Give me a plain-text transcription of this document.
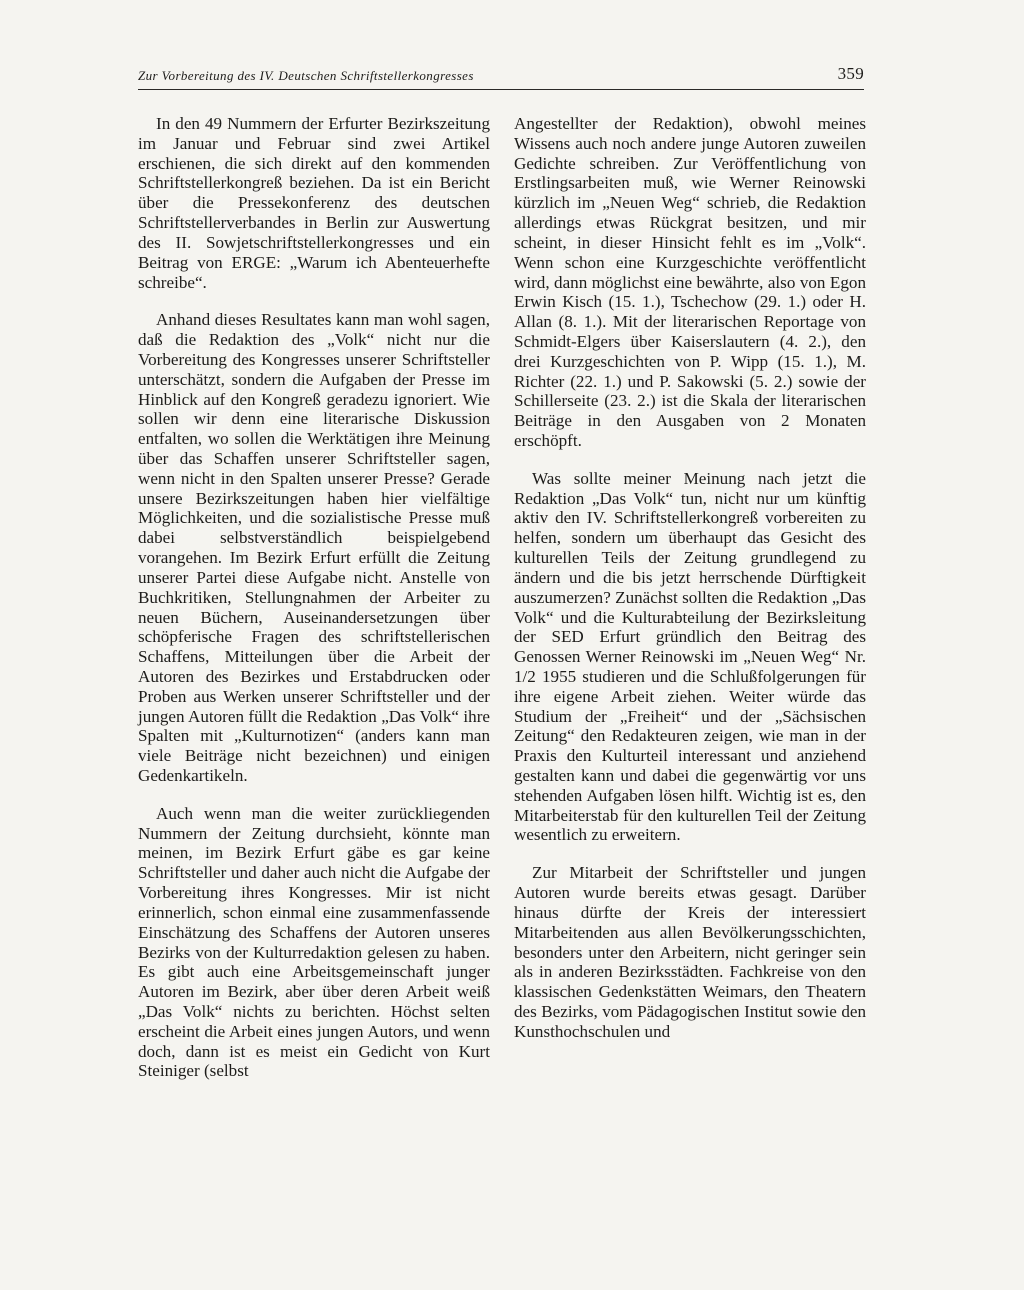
Zur Vorbereitung des IV. Deutschen Schriftstellerkongresses	359

In den 49 Nummern der Erfurter Bezirkszeitung im Januar und Februar sind zwei Artikel erschienen, die sich direkt auf den kommenden Schriftstellerkongreß beziehen. Da ist ein Bericht über die Pressekonferenz des deutschen Schriftstellerverbandes in Berlin zur Auswertung des II. Sowjetschriftstellerkongresses und ein Beitrag von ERGE: „Warum ich Abenteuerhefte schreibe“.

Anhand dieses Resultates kann man wohl sagen, daß die Redaktion des „Volk“ nicht nur die Vorbereitung des Kongresses unserer Schriftsteller unterschätzt, sondern die Aufgaben der Presse im Hinblick auf den Kongreß geradezu ignoriert. Wie sollen wir denn eine literarische Diskussion entfalten, wo sollen die Werktätigen ihre Meinung über das Schaffen unserer Schriftsteller sagen, wenn nicht in den Spalten unserer Presse? Gerade unsere Bezirkszeitungen haben hier vielfältige Möglichkeiten, und die sozialistische Presse muß dabei selbstverständlich beispielgebend vorangehen. Im Bezirk Erfurt erfüllt die Zeitung unserer Partei diese Aufgabe nicht. Anstelle von Buchkritiken, Stellungnahmen der Arbeiter zu neuen Büchern, Auseinandersetzungen über schöpferische Fragen des schriftstellerischen Schaffens, Mitteilungen über die Arbeit der Autoren des Bezirkes und Erstabdrucken oder Proben aus Werken unserer Schriftsteller und der jungen Autoren füllt die Redaktion „Das Volk“ ihre Spalten mit „Kulturnotizen“ (anders kann man viele Beiträge nicht bezeichnen) und einigen Gedenkartikeln.

Auch wenn man die weiter zurückliegenden Nummern der Zeitung durchsieht, könnte man meinen, im Bezirk Erfurt gäbe es gar keine Schriftsteller und daher auch nicht die Aufgabe der Vorbereitung ihres Kongresses. Mir ist nicht erinnerlich, schon einmal eine zusammenfassende Einschätzung des Schaffens der Autoren unseres Bezirks von der Kulturredaktion gelesen zu haben. Es gibt auch eine Arbeitsgemeinschaft junger Autoren im Bezirk, aber über deren Arbeit weiß „Das Volk“ nichts zu berichten. Höchst selten erscheint die Arbeit eines jungen Autors, und wenn doch, dann ist es meist ein Gedicht von Kurt Steiniger (selbst

Angestellter der Redaktion), obwohl meines Wissens auch noch andere junge Autoren zuweilen Gedichte schreiben. Zur Veröffentlichung von Erstlingsarbeiten muß, wie Werner Reinowski kürzlich im „Neuen Weg“ schrieb, die Redaktion allerdings etwas Rückgrat besitzen, und mir scheint, in dieser Hinsicht fehlt es im „Volk“. Wenn schon eine Kurzgeschichte veröffentlicht wird, dann möglichst eine bewährte, also von Egon Erwin Kisch (15. 1.), Tschechow (29. 1.) oder H. Allan (8. 1.). Mit der literarischen Reportage von Schmidt-Elgers über Kaiserslautern (4. 2.), den drei Kurzgeschichten von P. Wipp (15. 1.), M. Richter (22. 1.) und P. Sakowski (5. 2.) sowie der Schillerseite (23. 2.) ist die Skala der literarischen Beiträge in den Ausgaben von 2 Monaten erschöpft.

Was sollte meiner Meinung nach jetzt die Redaktion „Das Volk“ tun, nicht nur um künftig aktiv den IV. Schriftstellerkongreß vorbereiten zu helfen, sondern um überhaupt das Gesicht des kulturellen Teils der Zeitung grundlegend zu ändern und die bis jetzt herrschende Dürftigkeit auszumerzen? Zunächst sollten die Redaktion „Das Volk“ und die Kulturabteilung der Bezirksleitung der SED Erfurt gründlich den Beitrag des Genossen Werner Reinowski im „Neuen Weg“ Nr. 1/2 1955 studieren und die Schlußfolgerungen für ihre eigene Arbeit ziehen. Weiter würde das Studium der „Freiheit“ und der „Sächsischen Zeitung“ den Redakteuren zeigen, wie man in der Praxis den Kulturteil interessant und anziehend gestalten kann und dabei die gegenwärtig vor uns stehenden Aufgaben lösen hilft. Wichtig ist es, den Mitarbeiterstab für den kulturellen Teil der Zeitung wesentlich zu erweitern.

Zur Mitarbeit der Schriftsteller und jungen Autoren wurde bereits etwas gesagt. Darüber hinaus dürfte der Kreis der interessiert Mitarbeitenden aus allen Bevölkerungsschichten, besonders unter den Arbeitern, nicht geringer sein als in anderen Bezirksstädten. Fachkreise von den klassischen Gedenkstätten Weimars, den Theatern des Bezirks, vom Pädagogischen Institut sowie den Kunsthochschulen und
